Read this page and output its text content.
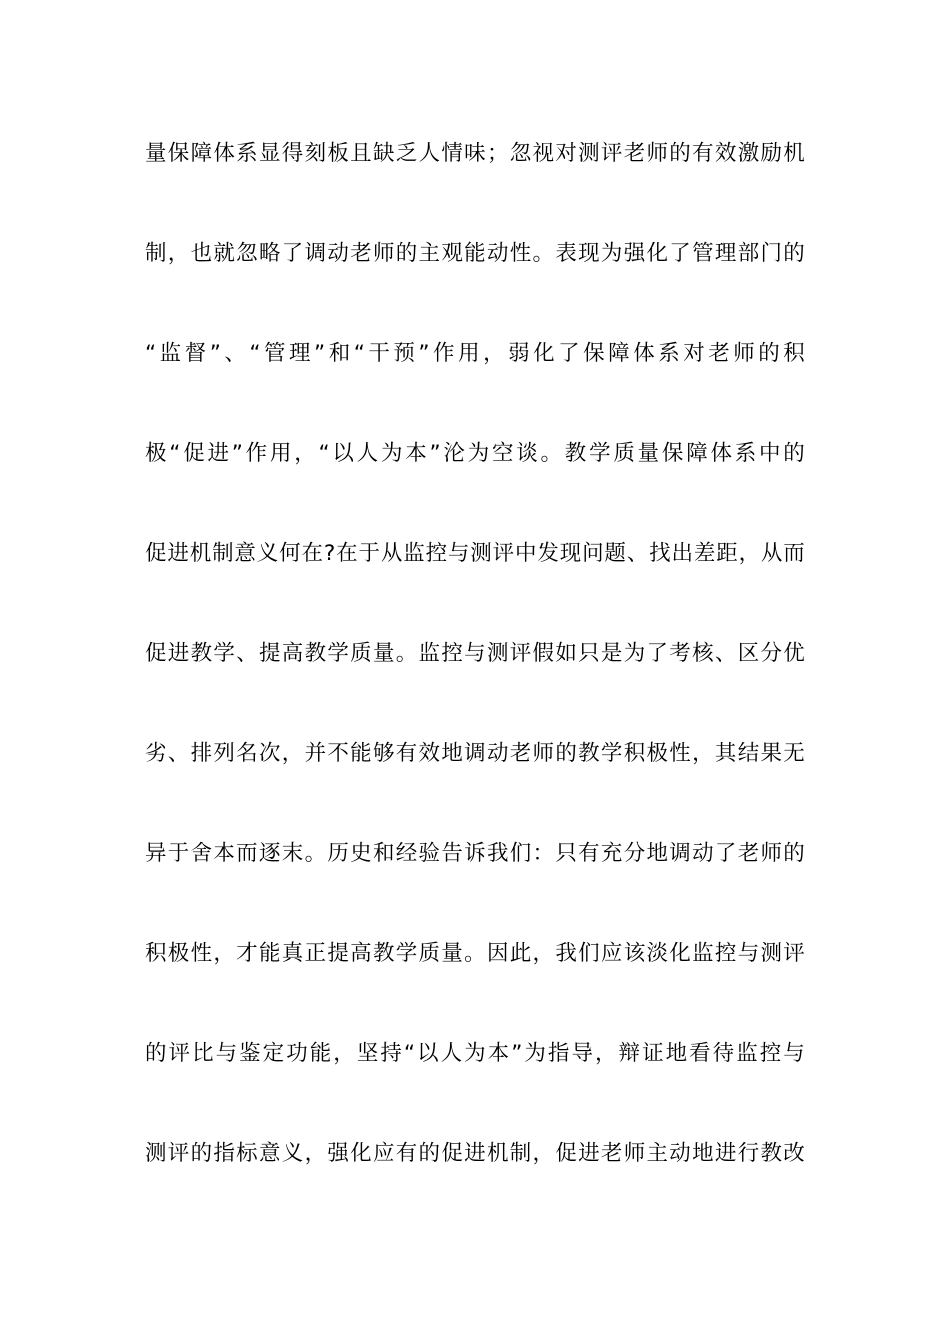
量保障体系显得刻板且缺乏人情味；忽视对测评老师的有效激励机
制，也就忽略了调动老师的主观能动性。表现为强化了管理部门的
“监督”、“管理”和“干预”作用，弱化了保障体系对老师的积
极“促进”作用，“以人为本”沦为空谈。教学质量保障体系中的
促进机制意义何在?在于从监控与测评中发现问题、找出差距，从而
促进教学、提高教学质量。监控与测评假如只是为了考核、区分优
劣、排列名次，并不能够有效地调动老师的教学积极性，其结果无
异于舍本而逐末。历史和经验告诉我们：只有充分地调动了老师的
积极性，才能真正提高教学质量。因此，我们应该淡化监控与测评
的评比与鉴定功能，坚持“以人为本”为指导，辩证地看待监控与
测评的指标意义，强化应有的促进机制，促进老师主动地进行教改
